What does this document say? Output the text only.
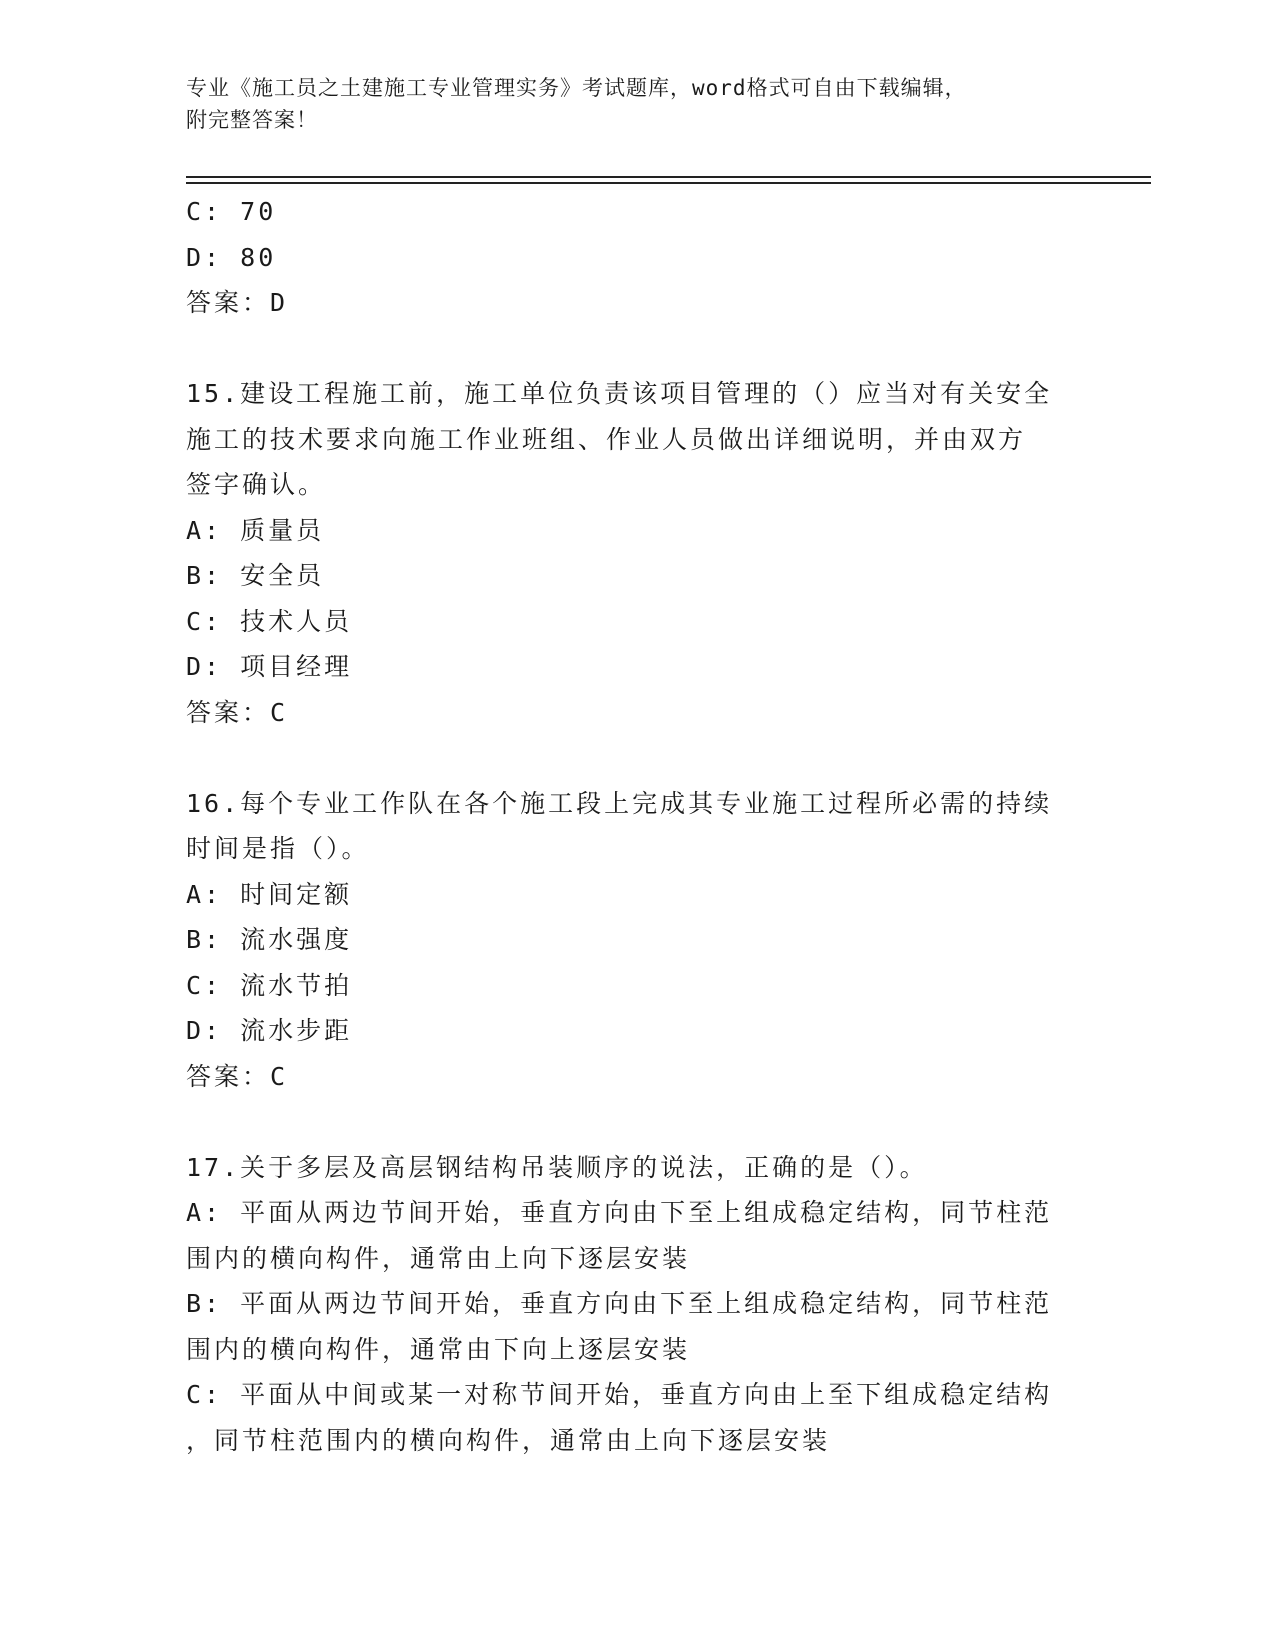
专业《施工员之土建施工专业管理实务》考试题库，word格式可自由下载编辑，
附完整答案！
C: 70
D: 80
答案：D
15.建设工程施工前，施工单位负责该项目管理的（）应当对有关安全
施工的技术要求向施工作业班组、作业人员做出详细说明，并由双方
签字确认。
A: 质量员
B: 安全员
C: 技术人员
D: 项目经理
答案：C
16.每个专业工作队在各个施工段上完成其专业施工过程所必需的持续
时间是指（）。
A: 时间定额
B: 流水强度
C: 流水节拍
D: 流水步距
答案：C
17.关于多层及高层钢结构吊装顺序的说法，正确的是（）。
A: 平面从两边节间开始，垂直方向由下至上组成稳定结构，同节柱范
围内的横向构件，通常由上向下逐层安装
B: 平面从两边节间开始，垂直方向由下至上组成稳定结构，同节柱范
围内的横向构件，通常由下向上逐层安装
C: 平面从中间或某一对称节间开始，垂直方向由上至下组成稳定结构
，同节柱范围内的横向构件，通常由上向下逐层安装
